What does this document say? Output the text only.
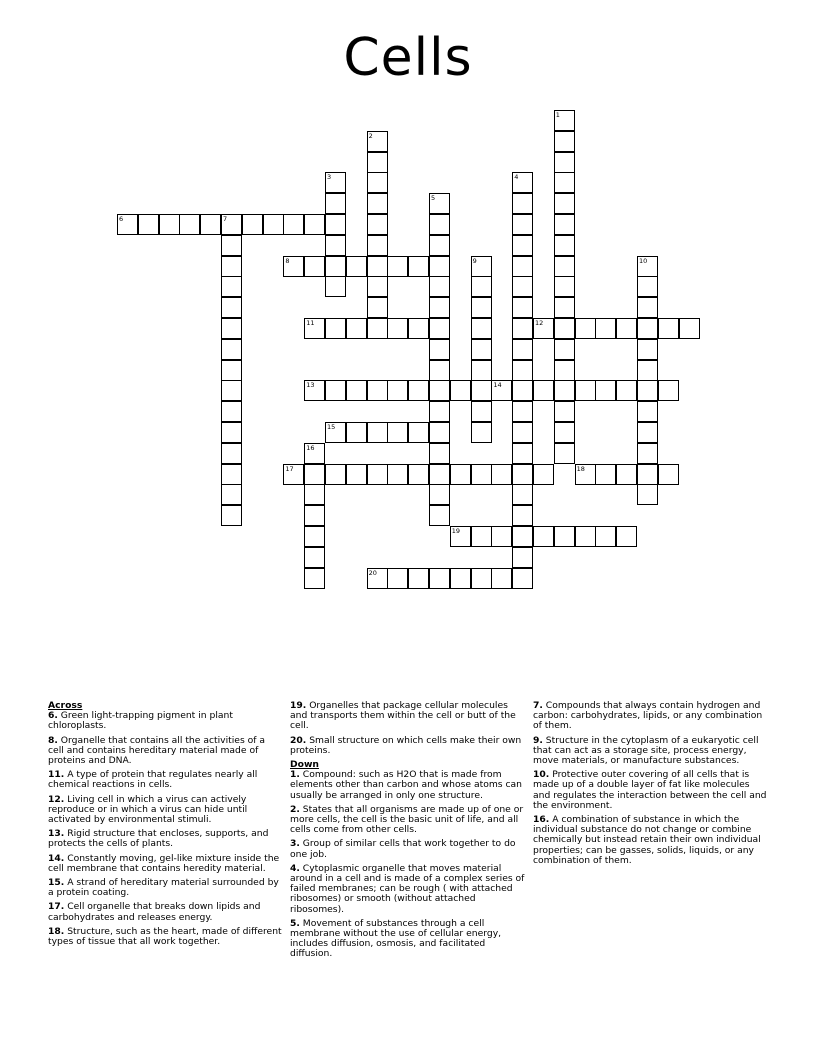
Cells
1
2
3	4
5
6	7
8	9	10
11	12
13	14
15
16
17	18
19
20

Across

6. Green light-trapping pigment in plant chloroplasts.

8. Organelle that contains all the activities of a cell and contains hereditary material made of proteins and DNA.

11. A type of protein that regulates nearly all chemical reactions in cells.

12. Living cell in which a virus can actively reproduce or in which a virus can hide until activated by environmental stimuli.

13. Rigid structure that encloses, supports, and protects the cells of plants.

14. Constantly moving, gel-like mixture inside the cell membrane that contains heredity material.

15. A strand of hereditary material surrounded by a protein coating.

17. Cell organelle that breaks down lipids and carbohydrates and releases energy.

18. Structure, such as the heart, made of different types of tissue that all work together.

19. Organelles that package cellular molecules and transports them within the cell or butt of the cell.

20. Small structure on which cells make their own proteins.

Down

1. Compound: such as H2O that is made from elements other than carbon and whose atoms can usually be arranged in only one structure.

2. States that all organisms are made up of one or more cells, the cell is the basic unit of life, and all cells come from other cells.

3. Group of similar cells that work together to do one job.

4. Cytoplasmic organelle that moves material around in a cell and is made of a complex series of failed membranes; can be rough ( with attached ribosomes) or smooth (without attached ribosomes).

5. Movement of substances through a cell membrane without the use of cellular energy, includes diffusion, osmosis, and facilitated diffusion.

7. Compounds that always contain hydrogen and carbon: carbohydrates, lipids, or any combination of them.

9. Structure in the cytoplasm of a eukaryotic cell that can act as a storage site, process energy, move materials, or manufacture substances.

10. Protective outer covering of all cells that is made up of a double layer of fat like molecules and regulates the interaction between the cell and the environment.

16. A combination of substance in which the individual substance do not change or combine chemically but instead retain their own individual properties; can be gasses, solids, liquids, or any combination of them.
